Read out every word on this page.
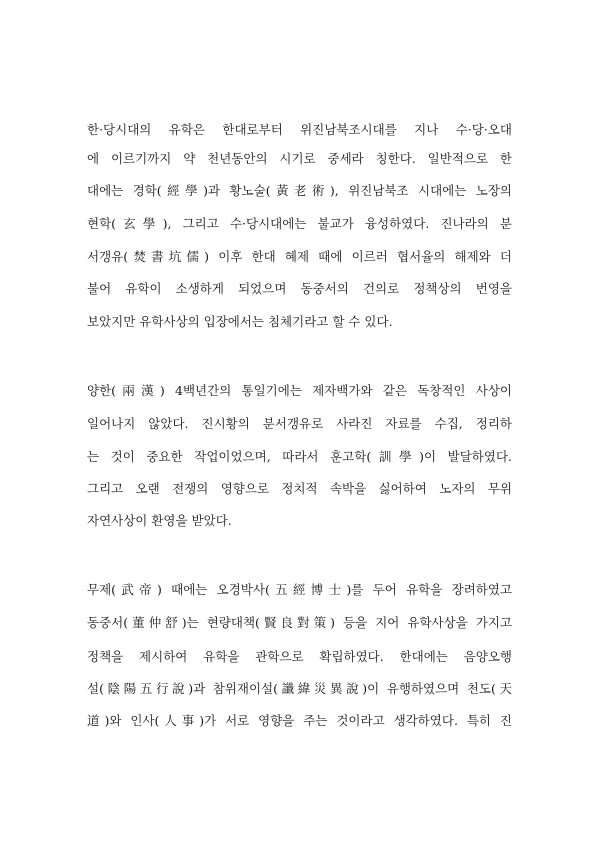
한·당시대의 유학은 한대로부터 위진남북조시대를 지나 수·당·오대
에 이르기까지 약 천년동안의 시기로 중세라 칭한다. 일반적으로 한
대에는 경학(經學)과 황노술(黃老術), 위진남북조 시대에는 노장의
현학(玄學), 그리고 수·당시대에는 불교가 융성하였다. 진나라의 분
서갱유(焚書坑儒) 이후 한대 혜제 때에 이르러 협서율의 해제와 더
불어 유학이 소생하게 되었으며 동중서의 건의로 정책상의 번영을
보았지만 유학사상의 입장에서는 침체기라고 할 수 있다.
양한(兩漢) 4백년간의 통일기에는 제자백가와 같은 독창적인 사상이
일어나지 않았다. 진시황의 분서갱유로 사라진 자료를 수집, 정리하
는 것이 중요한 작업이었으며, 따라서 훈고학(訓學)이 발달하였다.
그리고 오랜 전쟁의 영향으로 정치적 속박을 싫어하여 노자의 무위
자연사상이 환영을 받았다.
무제(武帝) 때에는 오경박사(五經博士)를 두어 유학을 장려하였고
동중서(董仲舒)는 현량대책(賢良對策) 등을 지어 유학사상을 가지고
정책을 제시하여 유학을 관학으로 확립하였다. 한대에는 음양오행
설(陰陽五行說)과 참위재이설(讖緯災異說)이 유행하였으며 천도(天
道)와 인사(人事)가 서로 영향을 주는 것이라고 생각하였다. 특히 진
